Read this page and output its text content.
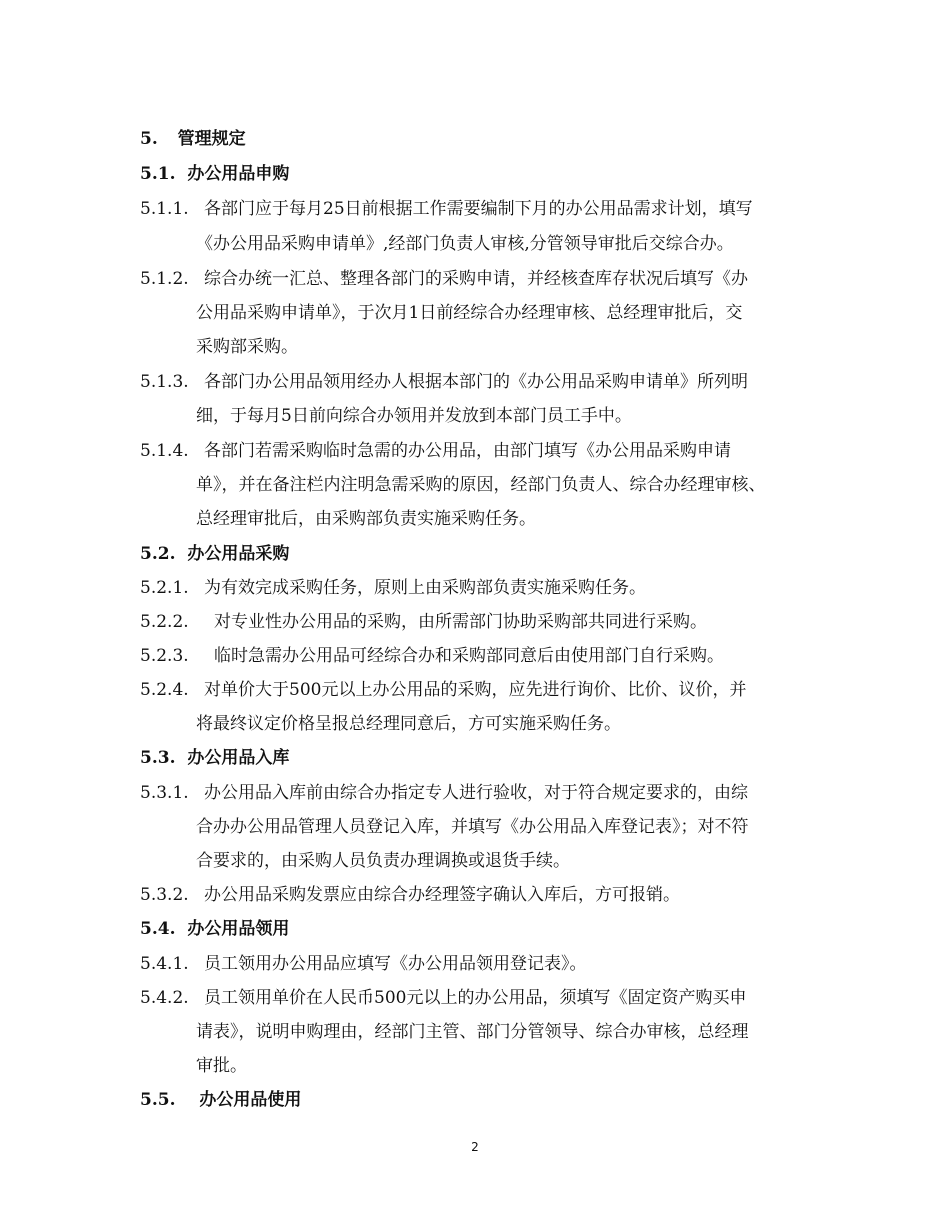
5. 管理规定
5.1. 办公用品申购
5.1.1. 各部门应于每月25日前根据工作需要编制下月的办公用品需求计划，填写
《办公用品采购申请单》,经部门负责人审核,分管领导审批后交综合办。
5.1.2. 综合办统一汇总、整理各部门的采购申请，并经核查库存状况后填写《办
公用品采购申请单》，于次月1日前经综合办经理审核、总经理审批后，交
采购部采购。
5.1.3. 各部门办公用品领用经办人根据本部门的《办公用品采购申请单》所列明
细，于每月5日前向综合办领用并发放到本部门员工手中。
5.1.4. 各部门若需采购临时急需的办公用品，由部门填写《办公用品采购申请
单》，并在备注栏内注明急需采购的原因，经部门负责人、综合办经理审核、
总经理审批后，由采购部负责实施采购任务。
5.2. 办公用品采购
5.2.1. 为有效完成采购任务，原则上由采购部负责实施采购任务。
5.2.2. 对专业性办公用品的采购，由所需部门协助采购部共同进行采购。
5.2.3. 临时急需办公用品可经综合办和采购部同意后由使用部门自行采购。
5.2.4. 对单价大于500元以上办公用品的采购，应先进行询价、比价、议价，并
将最终议定价格呈报总经理同意后，方可实施采购任务。
5.3. 办公用品入库
5.3.1. 办公用品入库前由综合办指定专人进行验收，对于符合规定要求的，由综
合办办公用品管理人员登记入库，并填写《办公用品入库登记表》；对不符
合要求的，由采购人员负责办理调换或退货手续。
5.3.2. 办公用品采购发票应由综合办经理签字确认入库后，方可报销。
5.4. 办公用品领用
5.4.1. 员工领用办公用品应填写《办公用品领用登记表》。
5.4.2. 员工领用单价在人民币500元以上的办公用品，须填写《固定资产购买申
请表》，说明申购理由，经部门主管、部门分管领导、综合办审核，总经理
审批。
5.5. 办公用品使用
2
